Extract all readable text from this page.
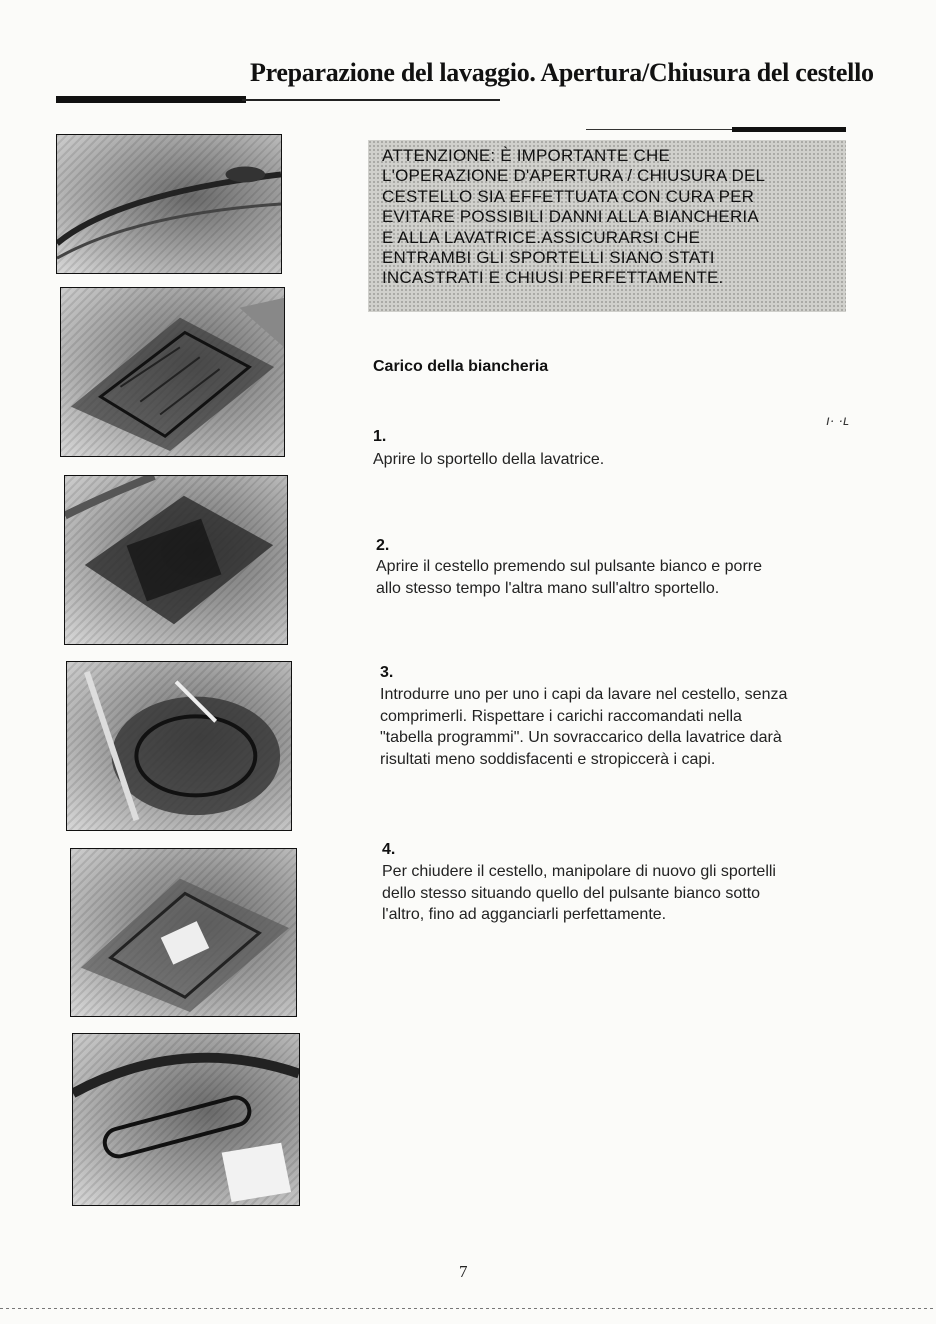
Preparazione del lavaggio. Apertura/Chiusura del cestello
ATTENZIONE: È IMPORTANTE CHE
L'OPERAZIONE D'APERTURA / CHIUSURA DEL
CESTELLO SIA EFFETTUATA CON CURA PER
EVITARE POSSIBILI DANNI ALLA BIANCHERIA
E ALLA LAVATRICE.ASSICURARSI CHE
ENTRAMBI GLI SPORTELLI SIANO STATI
INCASTRATI E CHIUSI PERFETTAMENTE.
Carico della biancheria
ı· ·ʟ
1.
Aprire lo sportello della lavatrice.
2.
Aprire il cestello premendo sul pulsante bianco e porre
allo stesso tempo l'altra mano sull'altro sportello.
3.
Introdurre uno per uno i capi da lavare nel cestello, senza
comprimerli. Rispettare i carichi raccomandati nella
"tabella programmi". Un sovraccarico della lavatrice darà
risultati meno soddisfacenti e stropiccerà i capi.
4.
Per chiudere il cestello, manipolare di nuovo gli sportelli
dello stesso situando quello del pulsante bianco sotto
l'altro, fino ad agganciarli perfettamente.
7
